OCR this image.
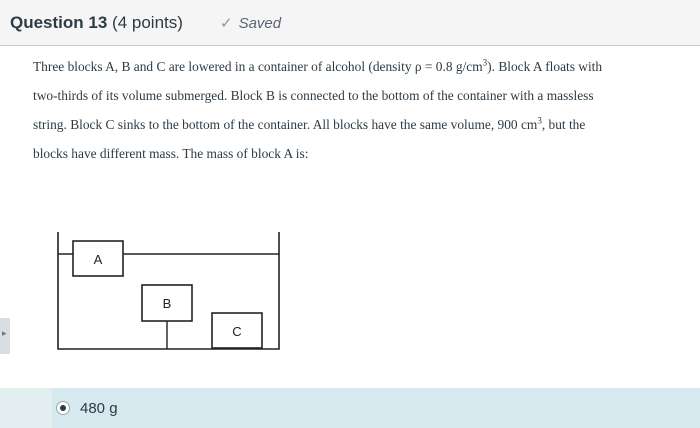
Question 13 (4 points) ✓ Saved
Three blocks A, B and C are lowered in a container of alcohol (density ρ = 0.8 $g/cm^3$). Block A floats with
two-thirds of its volume submerged. Block B is connected to the bottom of the container with a massless
string. Block C sinks to the bottom of the container. All blocks have the same volume, 900 $cm^3$, but the
blocks have different mass. The mass of block A is:
▸
A
B
C
480 g
